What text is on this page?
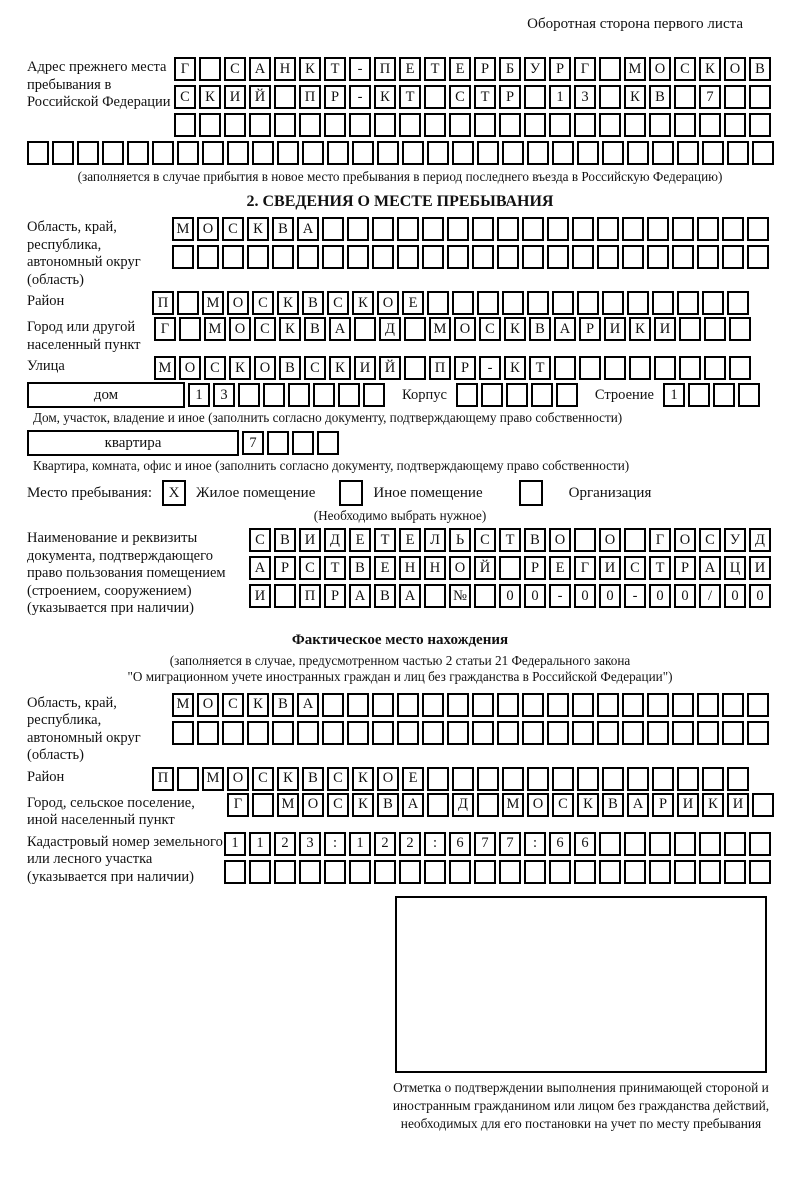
Оборотная сторона первого листа
Адрес прежнего места пребывания в Российской Федерации
Г	С	А	Н	К	Т	-	П	Е	Т	Е	Р	Б	У	Р	Г	М О	С	К	О	В
С	К	И	Й	П	Р	-	К	Т	С	Т	Р	1	3	К	В	7
(заполняется в случае прибытия в новое место пребывания в период последнего въезда в Российскую Федерацию)
2. СВЕДЕНИЯ О МЕСТЕ ПРЕБЫВАНИЯ
Область, край, республика, автономный округ (область)
М О	С	К	В	А
Район	П	М О	С	К	В	С	К	О	Е
Город или другой населенный пункт
Г	М О	С	К	В	А	Д	М О	С	К	В	А	Р	И	К	И
Улица	М О	С	К	О	В	С	К	И	Й	П	Р	-	К	Т
дом	1	3	Корпус	Строение	1
Дом, участок, владение и иное (заполнить согласно документу, подтверждающему право собственности)
квартира	7
Квартира, комната, офис и иное (заполнить согласно документу, подтверждающему право собственности)
Место пребывания:	X	Жилое помещение	Иное помещение	Организация
(Необходимо выбрать нужное)
Наименование и реквизиты документа, подтверждающего право пользования помещением (строением, сооружением) (указывается при наличии)
С	В	И	Д	Е	Т	Е	Л	Ь	С	Т	В	О	О	Г	О	С	У	Д
А	Р	С	Т	В	Е	Н	Н	О	Й	Р	Е	Г	И	С	Т	Р	А	Ц	И
И	П	Р	А	В	А	№	0	0	-	0	0	-	0	0	/	0	0
Фактическое место нахождения
(заполняется в случае, предусмотренном частью 2 статьи 21 Федерального закона
"О миграционном учете иностранных граждан и лиц без гражданства в Российской Федерации")
Область, край, республика, автономный округ (область)
М О	С	К	В	А
Район	П	М О	С	К	В	С	К	О	Е
Город, сельское поселение, иной населенный пункт
Г	М О	С	К	В	А	Д	М О	С	К	В	А	Р	И	К	И
Кадастровый номер земельного или лесного участка (указывается при наличии)
1	1	2	3	:	1	2	2	:	6	7	7	:	6	6
Отметка о подтверждении выполнения принимающей стороной и иностранным гражданином или лицом без гражданства действий, необходимых для его постановки на учет по месту пребывания
